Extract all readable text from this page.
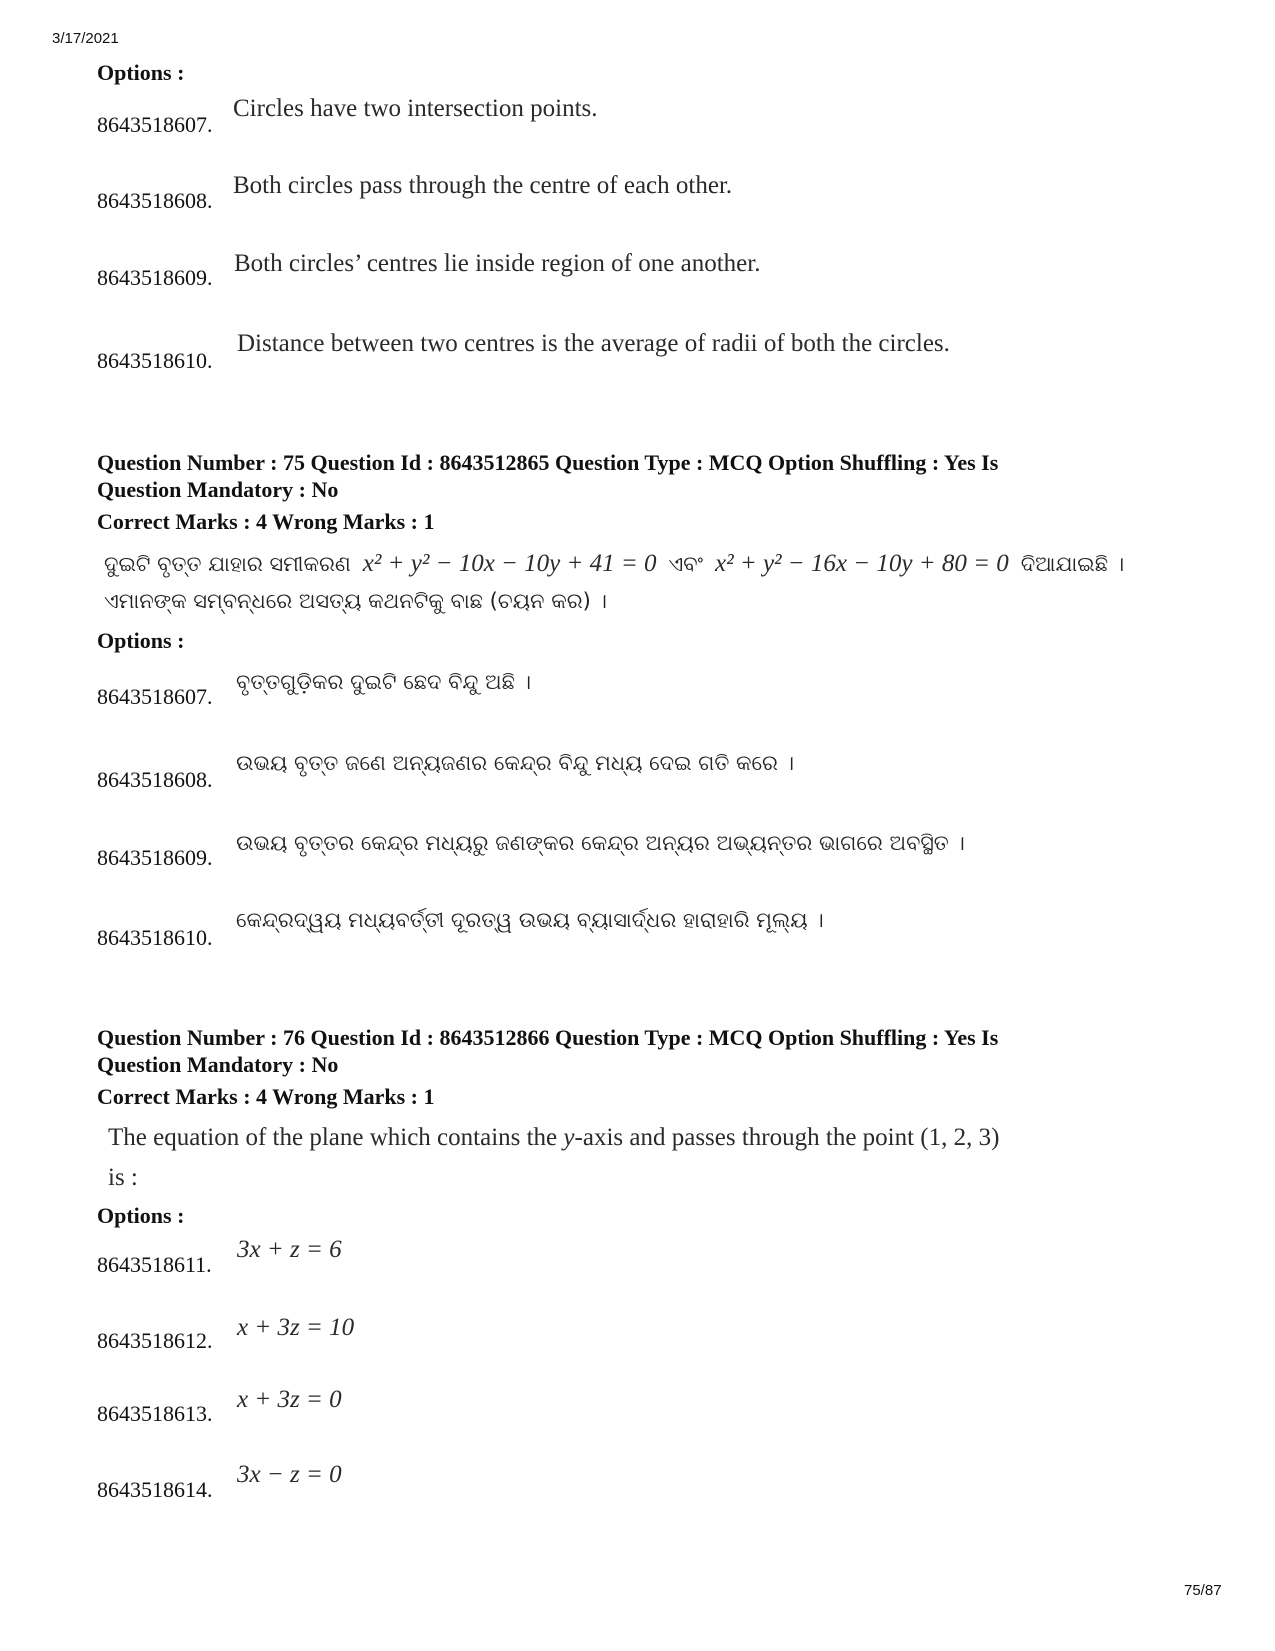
3/17/2021
Options :
8643518607.
Circles have two intersection points.
8643518608.
Both circles pass through the centre of each other.
8643518609.
Both circles’ centres lie inside region of one another.
8643518610.
Distance between two centres is the average of radii of both the circles.
Question Number : 75 Question Id : 8643512865 Question Type : MCQ Option Shuffling : Yes Is
Question Mandatory : No
Correct Marks : 4 Wrong Marks : 1
ଦୁଇଟି ବୃତ୍ତ ଯାହାର ସମୀକରଣ x² + y² − 10x − 10y + 41 = 0 ଏବଂ x² + y² − 16x − 10y + 80 = 0 ଦିଆଯାଇଛି ।
ଏମାନଙ୍କ ସମ୍ବନ୍ଧରେ ଅସତ୍ୟ କଥନଟିକୁ ବାଛ (ଚୟନ କର) ।
Options :
8643518607.
ବୃତ୍ତଗୁଡ଼ିକର ଦୁଇଟି ଛେଦ ବିନ୍ଦୁ ଅଛି ।
8643518608.
ଉଭୟ ବୃତ୍ତ ଜଣେ ଅନ୍ୟଜଣର କେନ୍ଦ୍ର ବିନ୍ଦୁ ମଧ୍ୟ ଦେଇ ଗତି କରେ ।
8643518609.
ଉଭୟ ବୃତ୍ତର କେନ୍ଦ୍ର ମଧ୍ୟରୁ ଜଣଙ୍କର କେନ୍ଦ୍ର ଅନ୍ୟର ଅଭ୍ୟନ୍ତର ଭାଗରେ ଅବସ୍ଥିତ ।
8643518610.
କେନ୍ଦ୍ରଦ୍ୱୟ ମଧ୍ୟବର୍ତ୍ତୀ ଦୂରତ୍ୱ ଉଭୟ ବ୍ୟାସାର୍ଦ୍ଧର ହାରାହାରି ମୂଲ୍ୟ ।
Question Number : 76 Question Id : 8643512866 Question Type : MCQ Option Shuffling : Yes Is
Question Mandatory : No
Correct Marks : 4 Wrong Marks : 1
The equation of the plane which contains the y-axis and passes through the point (1, 2, 3)
is :
Options :
8643518611.
3x + z = 6
8643518612. x + 3z = 10
8643518613.
x + 3z = 0
8643518614.
3x − z = 0
75/87
